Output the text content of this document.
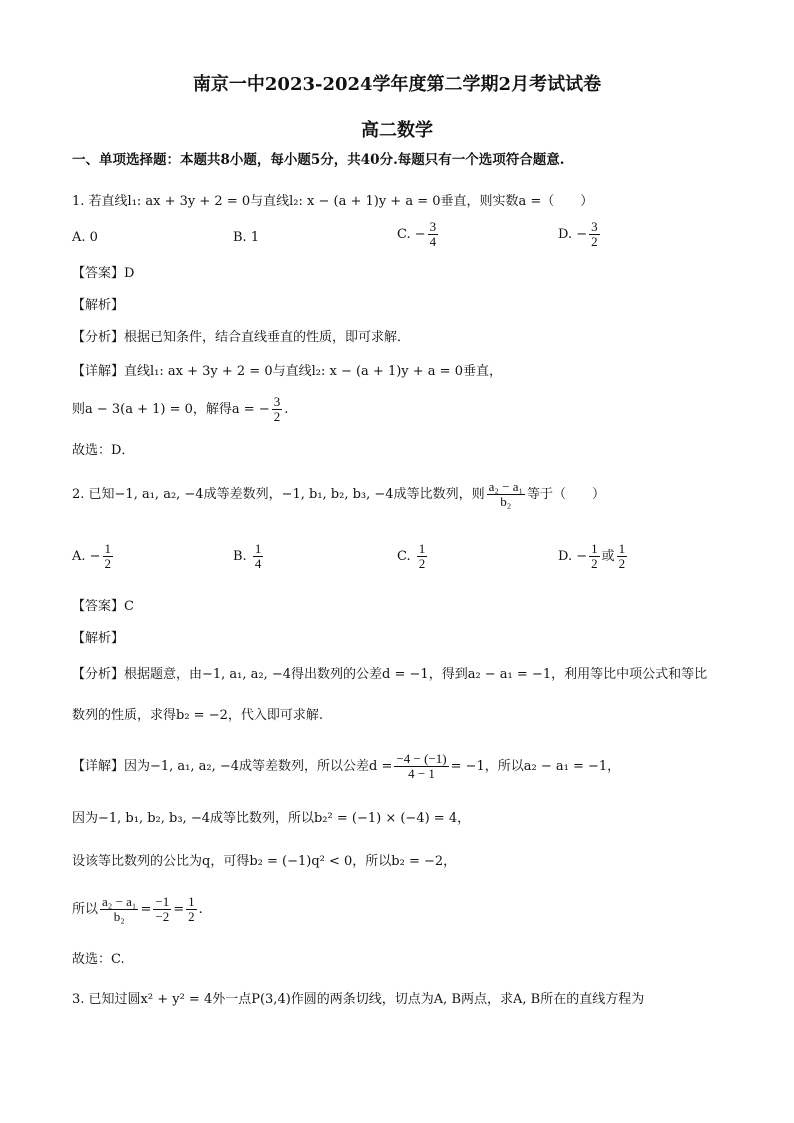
南京一中2023-2024学年度第二学期2月考试试卷
高二数学
一、单项选择题：本题共8小题，每小题5分，共40分.每题只有一个选项符合题意.
1. 若直线l₁: ax + 3y + 2 = 0与直线l₂: x − (a + 1)y + a = 0垂直，则实数a =（　　）
A. 0	B. 1	C. − $\frac{3}{4}$	D. − $\frac{3}{2}$
【答案】D
【解析】
【分析】根据已知条件，结合直线垂直的性质，即可求解．
【详解】直线l₁: ax + 3y + 2 = 0与直线l₂: x − (a + 1)y + a = 0垂直，
则a − 3(a + 1) = 0，解得a = − $\frac{3}{2}$ .
故选：D．
2. 已知−1, a₁, a₂, −4成等差数列，−1, b₁, b₂, b₃, −4成等比数列，则 $\frac{\text{a₂ − a₁}}{\text{b₂}}$ 等于（　　）
A. − $\frac{1}{2}$	B. $\frac{1}{4}$	C. $\frac{1}{2}$	D. − $\frac{1}{2}$ 或 $\frac{1}{2}$
【答案】C
【解析】
【分析】根据题意，由−1, a₁, a₂, −4得出数列的公差d = −1，得到a₂ − a₁ = −1，利用等比中项公式和等比
数列的性质，求得b₂ = −2，代入即可求解.
【详解】因为−1, a₁, a₂, −4成等差数列，所以公差$d = \frac{-4 - (-1)}{4 - 1} = -1$，所以a₂ − a₁ = −1，
因为−1, b₁, b₂, b₃, −4成等比数列，所以b₂² = (−1) × (−4) = 4，
设该等比数列的公比为q，可得b₂ = (−1)q² < 0，所以b₂ = −2，
所以 $\frac{\text{a₂ − a₁}}{\text{b₂}} = \frac{-1}{-2} = \frac{1}{2}$ .
故选：C.
3. 已知过圆x² + y² = 4外一点P(3,4)作圆的两条切线，切点为A, B两点，求A, B所在的直线方程为
